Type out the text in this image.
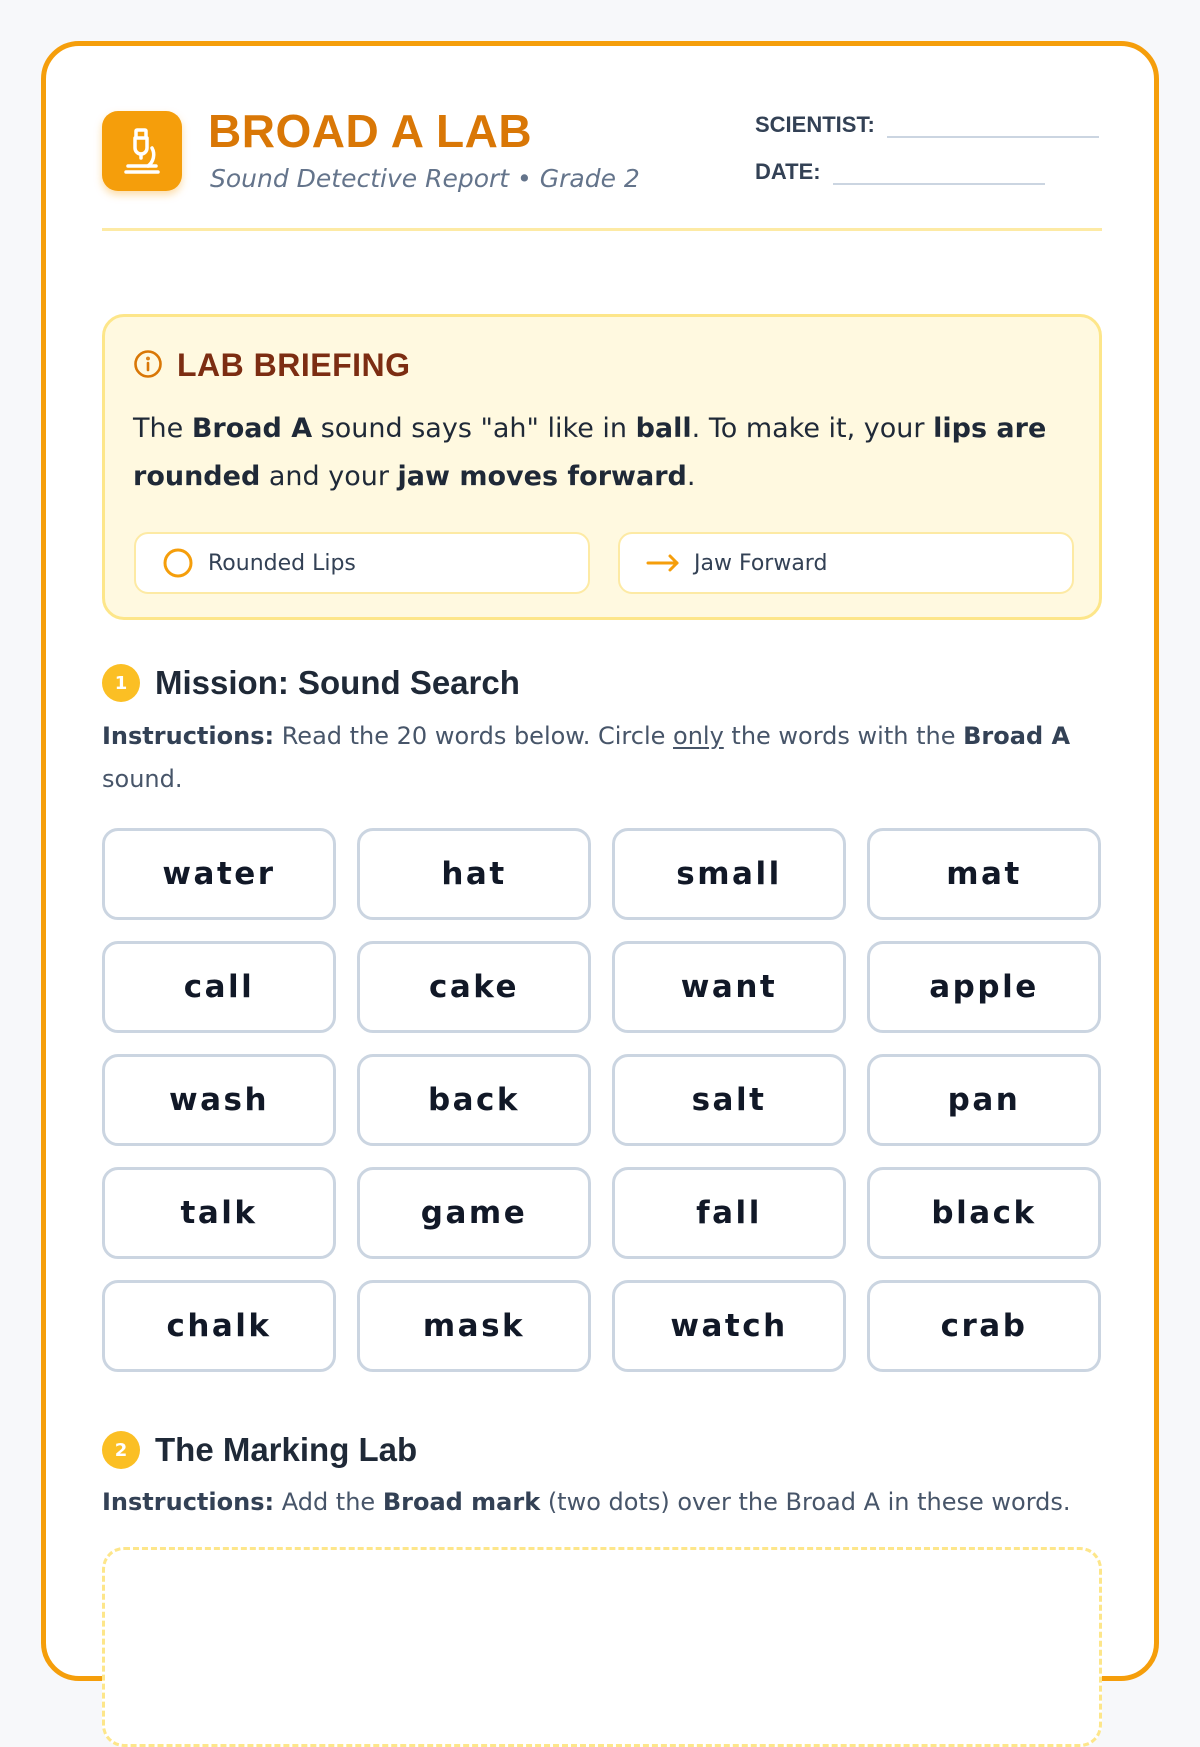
BROAD A LAB
Sound Detective Report • Grade 2
SCIENTIST:
DATE:
LAB BRIEFING

The Broad A sound says "ah" like in ball. To make it, your lips are rounded and your jaw moves forward.

Rounded Lips	Jaw Forward
1 Mission: Sound Search

Instructions: Read the 20 words below. Circle only the words with the Broad A sound.

water	hat	small	mat
call	cake	want	apple
wash	back	salt	pan
talk	game	fall	black
chalk	mask	watch	crab
2 The Marking Lab

Instructions: Add the Broad mark (two dots) over the Broad A in these words.
